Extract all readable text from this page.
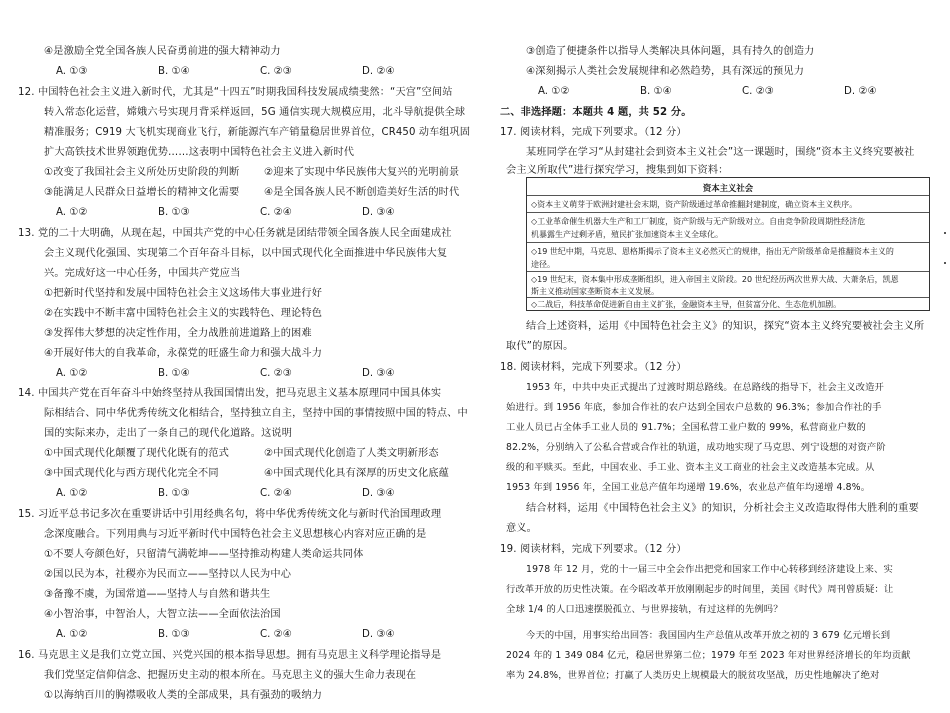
④是激励全党全国各族人民奋勇前进的强大精神动力
A. ①③	B. ①④	C. ②③	D. ②④
12. 中国特色社会主义进入新时代，尤其是“十四五”时期我国科技发展成绩斐然：“天宫”空间站
转入常态化运营，嫦娥六号实现月背采样返回，5G 通信实现大规模应用，北斗导航提供全球
精准服务；C919 大飞机实现商业飞行，新能源汽车产销量稳居世界首位，CR450 动车组巩固
扩大高铁技术世界领跑优势……这表明中国特色社会主义进入新时代
①改变了我国社会主义所处历史阶段的判断 ②迎来了实现中华民族伟大复兴的光明前景
③能满足人民群众日益增长的精神文化需要 ④是全国各族人民不断创造美好生活的时代
A. ①②	B. ①③	C. ②④	D. ③④
13. 党的二十大明确，从现在起，中国共产党的中心任务就是团结带领全国各族人民全面建成社
会主义现代化强国、实现第二个百年奋斗目标，以中国式现代化全面推进中华民族伟大复
兴。完成好这一中心任务，中国共产党应当
①把新时代坚持和发展中国特色社会主义这场伟大事业进行好
②在实践中不断丰富中国特色社会主义的实践特色、理论特色
③发挥伟大梦想的决定性作用，全力战胜前进道路上的困难
④开展好伟大的自我革命，永葆党的旺盛生命力和强大战斗力
A. ①②	B. ①④	C. ②③	D. ③④
14. 中国共产党在百年奋斗中始终坚持从我国国情出发，把马克思主义基本原理同中国具体实
际相结合、同中华优秀传统文化相结合，坚持独立自主，坚持中国的事情按照中国的特点、中
国的实际来办，走出了一条自己的现代化道路。这说明
①中国式现代化颠覆了现代化既有的范式	②中国式现代化创造了人类文明新形态
③中国式现代化与西方现代化完全不同	④中国式现代化具有深厚的历史文化底蕴
A. ①②	B. ①③	C. ②④	D. ③④
15. 习近平总书记多次在重要讲话中引用经典名句，将中华优秀传统文化与新时代治国理政理
念深度融合。下列用典与习近平新时代中国特色社会主义思想核心内容对应正确的是
①不要人夸颜色好，只留清气满乾坤——坚持推动构建人类命运共同体
②国以民为本，社稷亦为民而立——坚持以人民为中心
③备豫不虞，为国常道——坚持人与自然和谐共生
④小智治事，中智治人，大智立法——全面依法治国
A. ①②	B. ①③	C. ②④	D. ③④
16. 马克思主义是我们立党立国、兴党兴国的根本指导思想。拥有马克思主义科学理论指导是
我们党坚定信仰信念、把握历史主动的根本所在。马克思主义的强大生命力表现在
①以海纳百川的胸襟吸收人类的全部成果，具有强劲的吸纳力
③创造了便捷条件以指导人类解决具体问题，具有持久的创造力
④深刻揭示人类社会发展规律和必然趋势，具有深远的预见力
A. ①②	B. ①④	C. ②③	D. ②④
二、非选择题：本题共 4 题，共 52 分。
17. 阅读材料，完成下列要求。（12 分）
某班同学在学习“从封建社会到资本主义社会”这一课题时，围绕“资本主义终究要被社
会主义所取代”进行探究学习，搜集到如下资料：
资本主义社会
◇资本主义萌芽于欧洲封建社会末期，资产阶级通过革命推翻封建制度，确立资本主义秩序。
◇工业革命催生机器大生产和工厂制度，资产阶级与无产阶级对立。自由竞争阶段周期性经济危
机暴露生产过剩矛盾，殖民扩张加速资本主义全球化。
◇19 世纪中期，马克思、恩格斯揭示了资本主义必然灭亡的规律，指出无产阶级革命是推翻资本主义的
途径。
◇19 世纪末，资本集中形成垄断组织，进入帝国主义阶段。20 世纪经历两次世界大战、大萧条后，凯恩
斯主义推动国家垄断资本主义发展。
◇二战后，科技革命促进新自由主义扩张，金融资本主导，但贫富分化、生态危机加剧。
结合上述资料，运用《中国特色社会主义》的知识，探究“资本主义终究要被社会主义所
取代”的原因。
18. 阅读材料，完成下列要求。（12 分）
1953 年，中共中央正式提出了过渡时期总路线。在总路线的指导下，社会主义改造开
始进行。到 1956 年底，参加合作社的农户达到全国农户总数的 96.3%；参加合作社的手
工业人员已占全体手工业人员的 91.7%；全国私营工业户数的 99%，私营商业户数的
82.2%，分别纳入了公私合营或合作社的轨道，成功地实现了马克思、列宁设想的对资产阶
级的和平赎买。至此，中国农业、手工业、资本主义工商业的社会主义改造基本完成。从
1953 年到 1956 年，全国工业总产值年均递增 19.6%，农业总产值年均递增 4.8%。
结合材料，运用《中国特色社会主义》的知识，分析社会主义改造取得伟大胜利的重要
意义。
19. 阅读材料，完成下列要求。（12 分）
1978 年 12 月，党的十一届三中全会作出把党和国家工作中心转移到经济建设上来、实
行改革开放的历史性决策。在今昭改革开放刚刚起步的时间里，美国《时代》周刊曾质疑：让
全球 1/4 的人口迅速摆脱孤立、与世界接轨，有过这样的先例吗？
今天的中国，用事实给出回答：我国国内生产总值从改革开放之初的 3 679 亿元增长到
2024 年的 1 349 084 亿元，稳居世界第二位；1979 年至 2023 年对世界经济增长的年均贡献
率为 24.8%，世界首位；打赢了人类历史上规模最大的脱贫攻坚战，历史性地解决了绝对
